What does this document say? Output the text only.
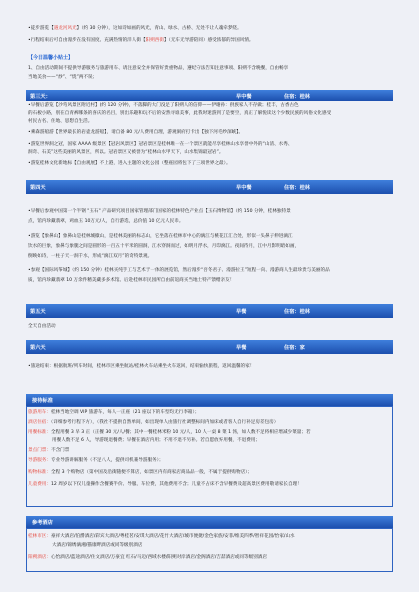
•徒步游览【遇龙河风光】（约 30 分钟），这如诗如画的风光，青山、绿水、古桥、无处不让人魂牵梦绕。
•行程结束后可自由漫步在没有国度、充满热情的洋人街【阳朔西街】（无车无导游陪同）感受浓郁的异国风情。
【今日温馨小贴士】
1、自由活动期间不提供导游服务与旅游用车、请注意安全并保管好贵重物品，遵纪守法告知注意事项、阳朔不含晚餐，自由畅享
当地美食——“炒”、“烧”两不误；
第三天：	早中餐	住宿：桂林
•早餐后游览【沙弯风景区附近村】(约 120 分钟)，不落脚的大门没足了阳朔人的信仰——伊谢孙：供族家人不存做；桂丰，古香古色
的石板小路，别在自青裤哪条的喜庆的名目，别出乐趣和玩不后的安然寻谁美事，此我时迷游到了是要空，真正了解悦读这个少数民族的风俗文化感受
村民古名、住地、思想自生活。
•乘森游船游【世界最长的岩壶龙游船】，请自备 80 元/人费用自理，游观洞府打卡出【独下河毛纱深峡】。
•游览世界洞之冠，国家 AAAA 级景区【冠岩风景区】冠岩景区是桂林唯一在一个景区就能尽享桂林山水享誉中外的“山清、水秀、
洞奇、石美”这些美丽的风景区，所以。冠岩景区又被誉为“桂林山水甲天下，山水集锦最冠岩”。
•游览桂林文化新地标【自由观展】不上港，进入主题的文化公园（整座园将包下了三项世界之最）。
第四天	早中餐	住宿：桂林
•早餐后参观中国第一个半钢 "玉石" 产品研究项目国家管理部门国家的桂林特色产业点【玉石博物馆】（约 150 分钟，桂林独特景
点，馆内珍藏翡翠，鸡血玉 10万元/人，自行游选，总价值 10 亿元人民币。
•游览【象鼻山】象鼻山是桂林城徽山，是桂林美丽的标志山，它坐落在桂林市中心的漓江与桃花江汇合处，形似一头鼻子伸进漓江
饮水的巨象，象鼻与象腿之间是圆形的一百五十平米的圆洞，江水穿洞而过，如明月浮水，月印漓江。夜间待月，江中月影明暗如画，
倒映如诗，一柱子天一洞千水，形成“漓江双月”的奇特景观。
•参观【国际风筝城】（约 150 分钟）桂林买纯手工与艺术于一体的展览馆，然后漫步“吾冬君子、漫游拉王”短程一向、漫游商人生最珍贵与美丽的品
质，馆内珍藏翡翠 10 万余件精美藏多多术馆。后赴桂林市民园所自由前返商买当地土特产馈赠亲友！
第五天	早餐	住宿：桂林
全天自由活动
第六天	早餐	住宿：家
•旅途结束：根据航班/列车时间，桂林市区乘坐航站/桂林火车站乘坐火车返回，结束愉快旅程，返回温馨的家！
接待标准
旅游用车：桂林当地空调 VIP 旅游车，每人一正座（21 座以下的车型均无行李箱）；
酒店住宿：（详细参考行程下方），（我社不提供自然单间，如出现单人由旅行社调整标间内加床或者客人自行补足房差包房）
用餐标准：全程用餐 3 早 3 正（正餐 30 元/人/餐；其中一餐桂林米粉 10 元/人，10 人一桌 8 菜 1 汤，如人数不足将相应增减少菜量；若
用餐人数不足 6 人，导游现退餐费；早餐在酒店内用；不用不退不另补。若自愿放弃用餐，不退费用；
景点门票：不含门票
导游服务：专业导游讲解服务（不足八人，提供司机兼导游服务）；
购物标准：全程 3 个购物店（第中国及沿街随便不算店，如景区内有商家店商品品一般，不属于提供购物店）；
儿童费用：12 周岁以下仅儿童操作含餐赛半价、导服、车位费，其他费用不含；儿童不占床不含早餐费及超高景区费用敬请家长自理！
参考酒店
桂林市区：豪祥大酒店/伯爵酒店/彩宾大酒店/粤桂茗/安琪大酒店/花竹大酒店/城市便捷/金色家族/安菲/维美四季/智祥花园/怡家/山水
大酒店/锦绣漓湘/猫康畔酒店或同等级别酒店
阳朔酒店：心怡酒店/蓝途酒店/住文酒店/万豪宜 红石/马迈/西域水楼/阳朔对岸酒店/金阁酒店/吉喆酒店或同等级别酒店
